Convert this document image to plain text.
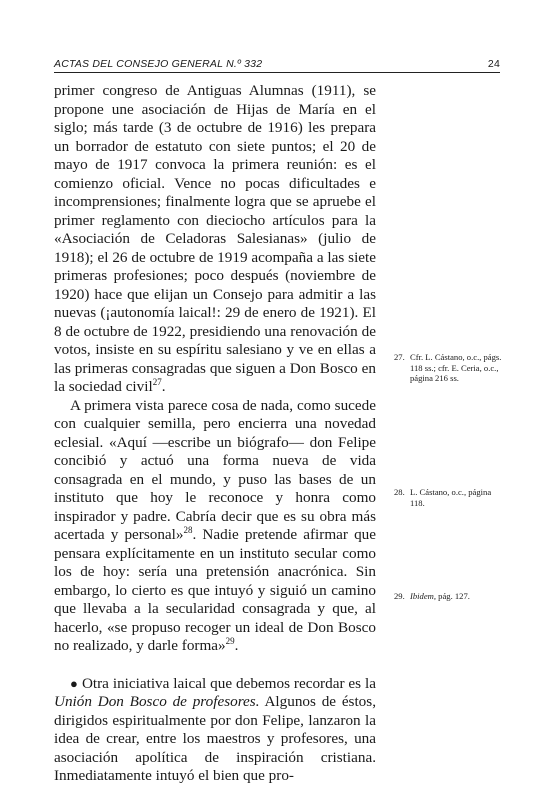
ACTAS DEL CONSEJO GENERAL N.º 332	24

primer congreso de Antiguas Alumnas (1911), se propone une asociación de Hijas de María en el siglo; más tarde (3 de octubre de 1916) les prepara un borrador de estatuto con siete puntos; el 20 de mayo de 1917 convoca la primera reunión: es el comienzo oficial. Vence no pocas dificultades e incomprensiones; finalmente logra que se apruebe el primer reglamento con dieciocho artículos para la «Asociación de Celadoras Salesianas» (julio de 1918); el 26 de octubre de 1919 acompaña a las siete primeras profesiones; poco después (noviembre de 1920) hace que elijan un Consejo para admitir a las nuevas (¡autonomía laical!: 29 de enero de 1921). El 8 de octubre de 1922, presidiendo una renovación de votos, insiste en su espíritu salesiano y ve en ellas a las primeras consagradas que siguen a Don Bosco en la sociedad civil$^{27}$.

A primera vista parece cosa de nada, como sucede con cualquier semilla, pero encierra una novedad eclesial. «Aquí —escribe un biógrafo— don Felipe concibió y actuó una forma nueva de vida consagrada en el mundo, y puso las bases de un instituto que hoy le reconoce y honra como inspirador y padre. Cabría decir que es su obra más acertada y personal»$^{28}$. Nadie pretende afirmar que pensara explícitamente en un instituto secular como los de hoy: sería una pretensión anacrónica. Sin embargo, lo cierto es que intuyó y siguió un camino que llevaba a la secularidad consagrada y que, al hacerlo, «se propuso recoger un ideal de Don Bosco no realizado, y darle forma»$^{29}$.

● Otra iniciativa laical que debemos recordar es la Unión Don Bosco de profesores. Algunos de éstos, dirigidos espiritualmente por don Felipe, lanzaron la idea de crear, entre los maestros y profesores, una asociación apolítica de inspiración cristiana. Inmediatamente intuyó el bien que pro-

27. Cfr. L. Cástano, o.c., págs. 118 ss.; cfr. E. Ceria, o.c., página 216 ss.
28. L. Cástano, o.c., página 118.
29. Ibidem, pág. 127.
